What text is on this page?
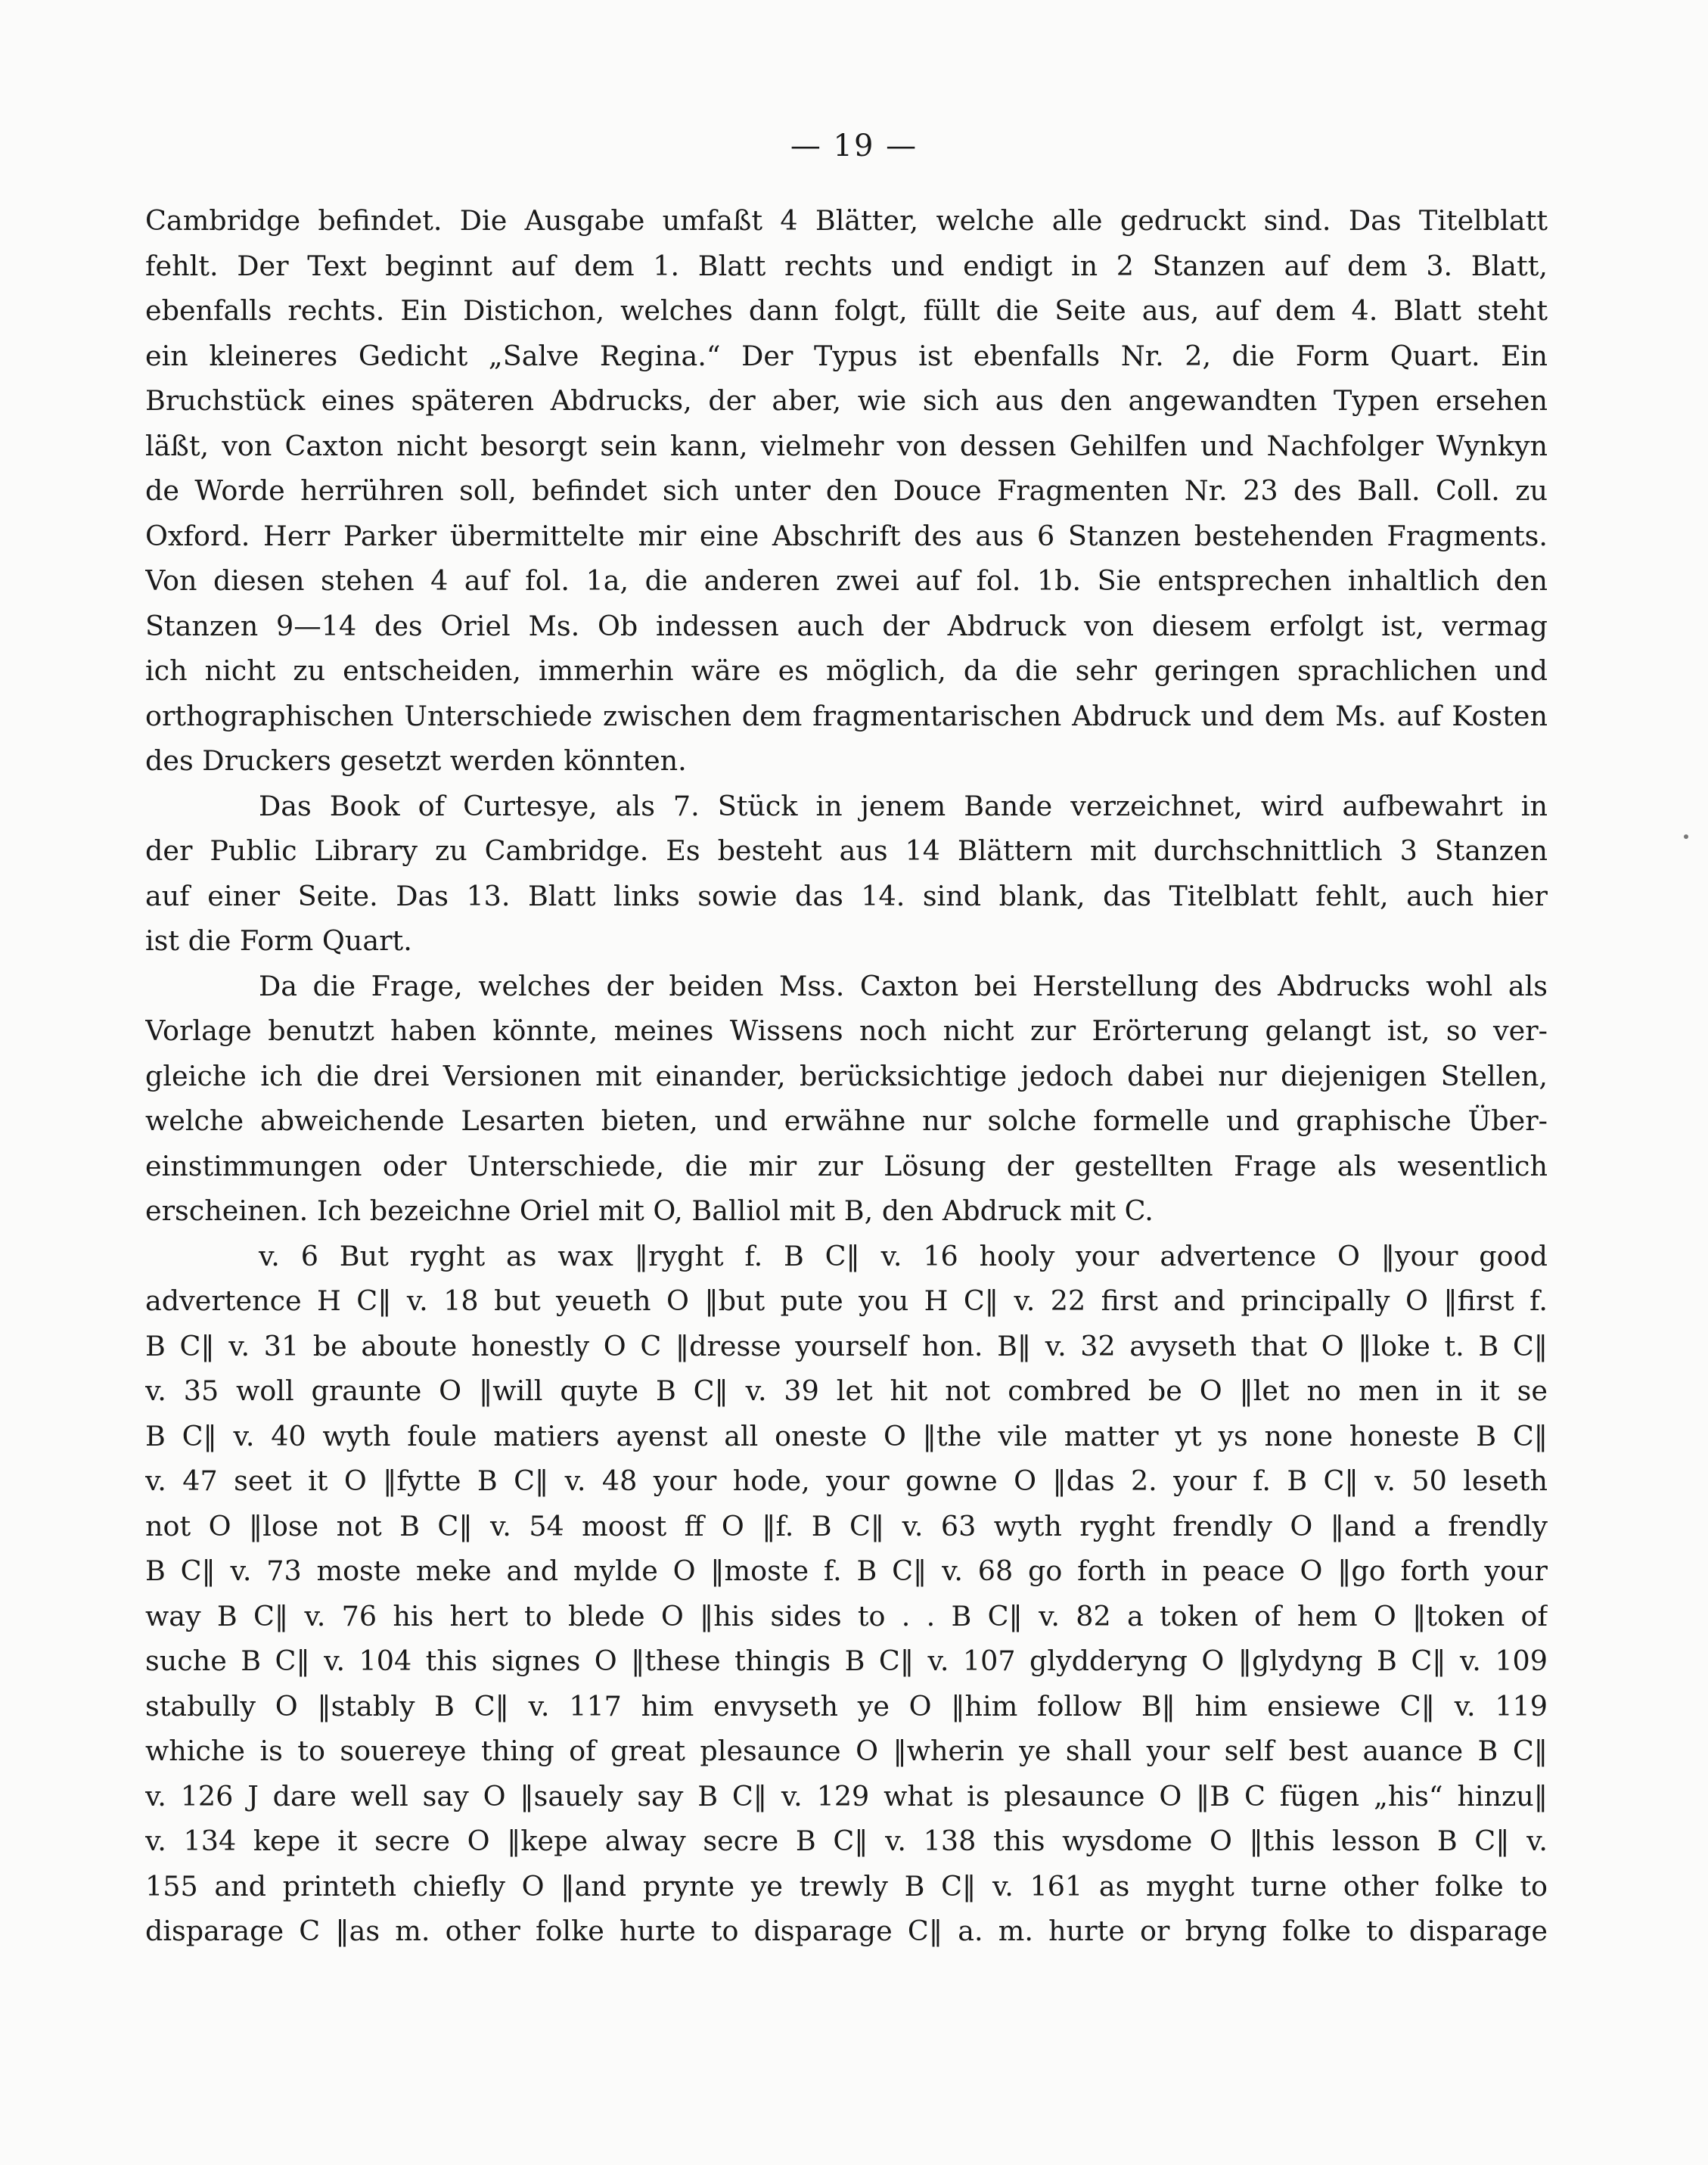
— 19 —
Cambridge befindet. Die Ausgabe umfaßt 4 Blätter, welche alle gedruckt sind. Das Titelblatt
fehlt. Der Text beginnt auf dem 1. Blatt rechts und endigt in 2 Stanzen auf dem 3. Blatt,
ebenfalls rechts. Ein Distichon, welches dann folgt, füllt die Seite aus, auf dem 4. Blatt steht
ein kleineres Gedicht „Salve Regina.“ Der Typus ist ebenfalls Nr. 2, die Form Quart. Ein
Bruchstück eines späteren Abdrucks, der aber, wie sich aus den angewandten Typen ersehen
läßt, von Caxton nicht besorgt sein kann, vielmehr von dessen Gehilfen und Nachfolger Wynkyn
de Worde herrühren soll, befindet sich unter den Douce Fragmenten Nr. 23 des Ball. Coll. zu
Oxford. Herr Parker übermittelte mir eine Abschrift des aus 6 Stanzen bestehenden Fragments.
Von diesen stehen 4 auf fol. 1a, die anderen zwei auf fol. 1b. Sie entsprechen inhaltlich den
Stanzen 9—14 des Oriel Ms. Ob indessen auch der Abdruck von diesem erfolgt ist, vermag
ich nicht zu entscheiden, immerhin wäre es möglich, da die sehr geringen sprachlichen und
orthographischen Unterschiede zwischen dem fragmentarischen Abdruck und dem Ms. auf Kosten
des Druckers gesetzt werden könnten.
Das Book of Curtesye, als 7. Stück in jenem Bande verzeichnet, wird aufbewahrt in
der Public Library zu Cambridge. Es besteht aus 14 Blättern mit durchschnittlich 3 Stanzen
auf einer Seite. Das 13. Blatt links sowie das 14. sind blank, das Titelblatt fehlt, auch hier
ist die Form Quart.
Da die Frage, welches der beiden Mss. Caxton bei Herstellung des Abdrucks wohl als
Vorlage benutzt haben könnte, meines Wissens noch nicht zur Erörterung gelangt ist, so ver-
gleiche ich die drei Versionen mit einander, berücksichtige jedoch dabei nur diejenigen Stellen,
welche abweichende Lesarten bieten, und erwähne nur solche formelle und graphische Über-
einstimmungen oder Unterschiede, die mir zur Lösung der gestellten Frage als wesentlich
erscheinen. Ich bezeichne Oriel mit O, Balliol mit B, den Abdruck mit C.
v. 6 But ryght as wax ‖ryght f. B C‖ v. 16 hooly your advertence O ‖your good
advertence H C‖ v. 18 but yeueth O ‖but pute you H C‖ v. 22 first and principally O ‖first f.
B C‖ v. 31 be aboute honestly O C ‖dresse yourself hon. B‖ v. 32 avyseth that O ‖loke t. B C‖
v. 35 woll graunte O ‖will quyte B C‖ v. 39 let hit not combred be O ‖let no men in it se
B C‖ v. 40 wyth foule matiers ayenst all oneste O ‖the vile matter yt ys none honeste B C‖
v. 47 seet it O ‖fytte B C‖ v. 48 your hode, your gowne O ‖das 2. your f. B C‖ v. 50 leseth
not O ‖lose not B C‖ v. 54 moost ff O ‖f. B C‖ v. 63 wyth ryght frendly O ‖and a frendly
B C‖ v. 73 moste meke and mylde O ‖moste f. B C‖ v. 68 go forth in peace O ‖go forth your
way B C‖ v. 76 his hert to blede O ‖his sides to . . B C‖ v. 82 a token of hem O ‖token of
suche B C‖ v. 104 this signes O ‖these thingis B C‖ v. 107 glydderyng O ‖glydyng B C‖ v. 109
stabully O ‖stably B C‖ v. 117 him envyseth ye O ‖him follow B‖ him ensiewe C‖ v. 119
whiche is to souereye thing of great plesaunce O ‖wherin ye shall your self best auance B C‖
v. 126 J dare well say O ‖sauely say B C‖ v. 129 what is plesaunce O ‖B C fügen „his“ hinzu‖
v. 134 kepe it secre O ‖kepe alway secre B C‖ v. 138 this wysdome O ‖this lesson B C‖ v.
155 and printeth chiefly O ‖and prynte ye trewly B C‖ v. 161 as myght turne other folke to
disparage C ‖as m. other folke hurte to disparage C‖ a. m. hurte or bryng folke to disparage
